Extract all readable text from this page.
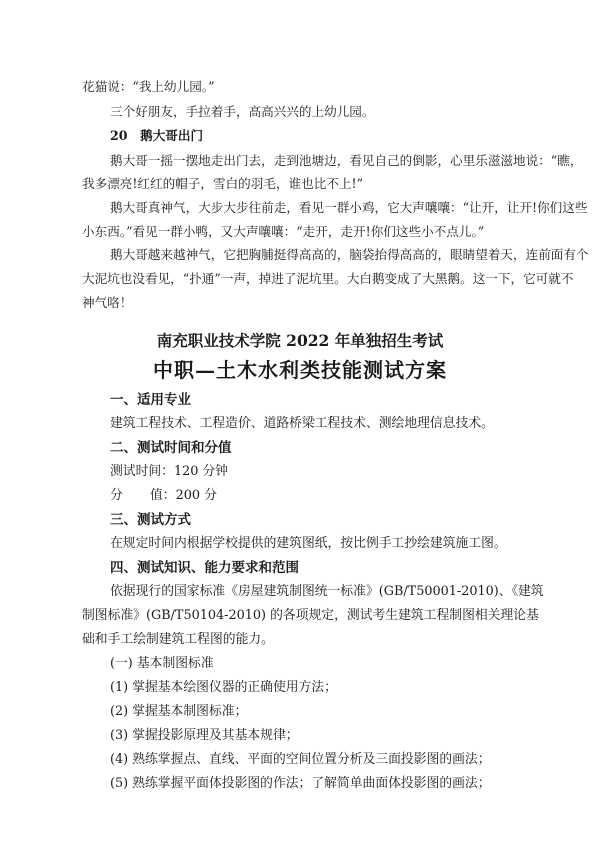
花猫说：“我上幼儿园。”
三个好朋友，手拉着手，高高兴兴的上幼儿园。
20　鹅大哥出门
鹅大哥一摇一摆地走出门去，走到池塘边，看见自己的倒影，心里乐滋滋地说：“瞧，
我多漂亮!红红的帽子，雪白的羽毛，谁也比不上!”
鹅大哥真神气，大步大步往前走，看见一群小鸡，它大声嚷嚷：“让开，让开!你们这些
小东西。”看见一群小鸭，又大声嚷嚷：“走开，走开!你们这些小不点儿。”
鹅大哥越来越神气，它把胸脯挺得高高的，脑袋抬得高高的，眼睛望着天，连前面有个
大泥坑也没看见，“扑通”一声，掉进了泥坑里。大白鹅变成了大黑鹅。这一下，它可就不
神气咯！
南充职业技术学院 2022 年单独招生考试
中职—土木水利类技能测试方案
一、适用专业
建筑工程技术、工程造价、道路桥梁工程技术、测绘地理信息技术。
二、测试时间和分值
测试时间：120 分钟
分 值：200 分
三、测试方式
在规定时间内根据学校提供的建筑图纸，按比例手工抄绘建筑施工图。
四、测试知识、能力要求和范围
依据现行的国家标准《房屋建筑制图统一标准》(GB/T50001-2010)、《建筑
制图标准》(GB/T50104-2010) 的各项规定，测试考生建筑工程制图相关理论基
础和手工绘制建筑工程图的能力。
(一) 基本制图标准
(1) 掌握基本绘图仪器的正确使用方法；
(2) 掌握基本制图标准；
(3) 掌握投影原理及其基本规律；
(4) 熟练掌握点、直线、平面的空间位置分析及三面投影图的画法；
(5) 熟练掌握平面体投影图的作法；了解简单曲面体投影图的画法；
